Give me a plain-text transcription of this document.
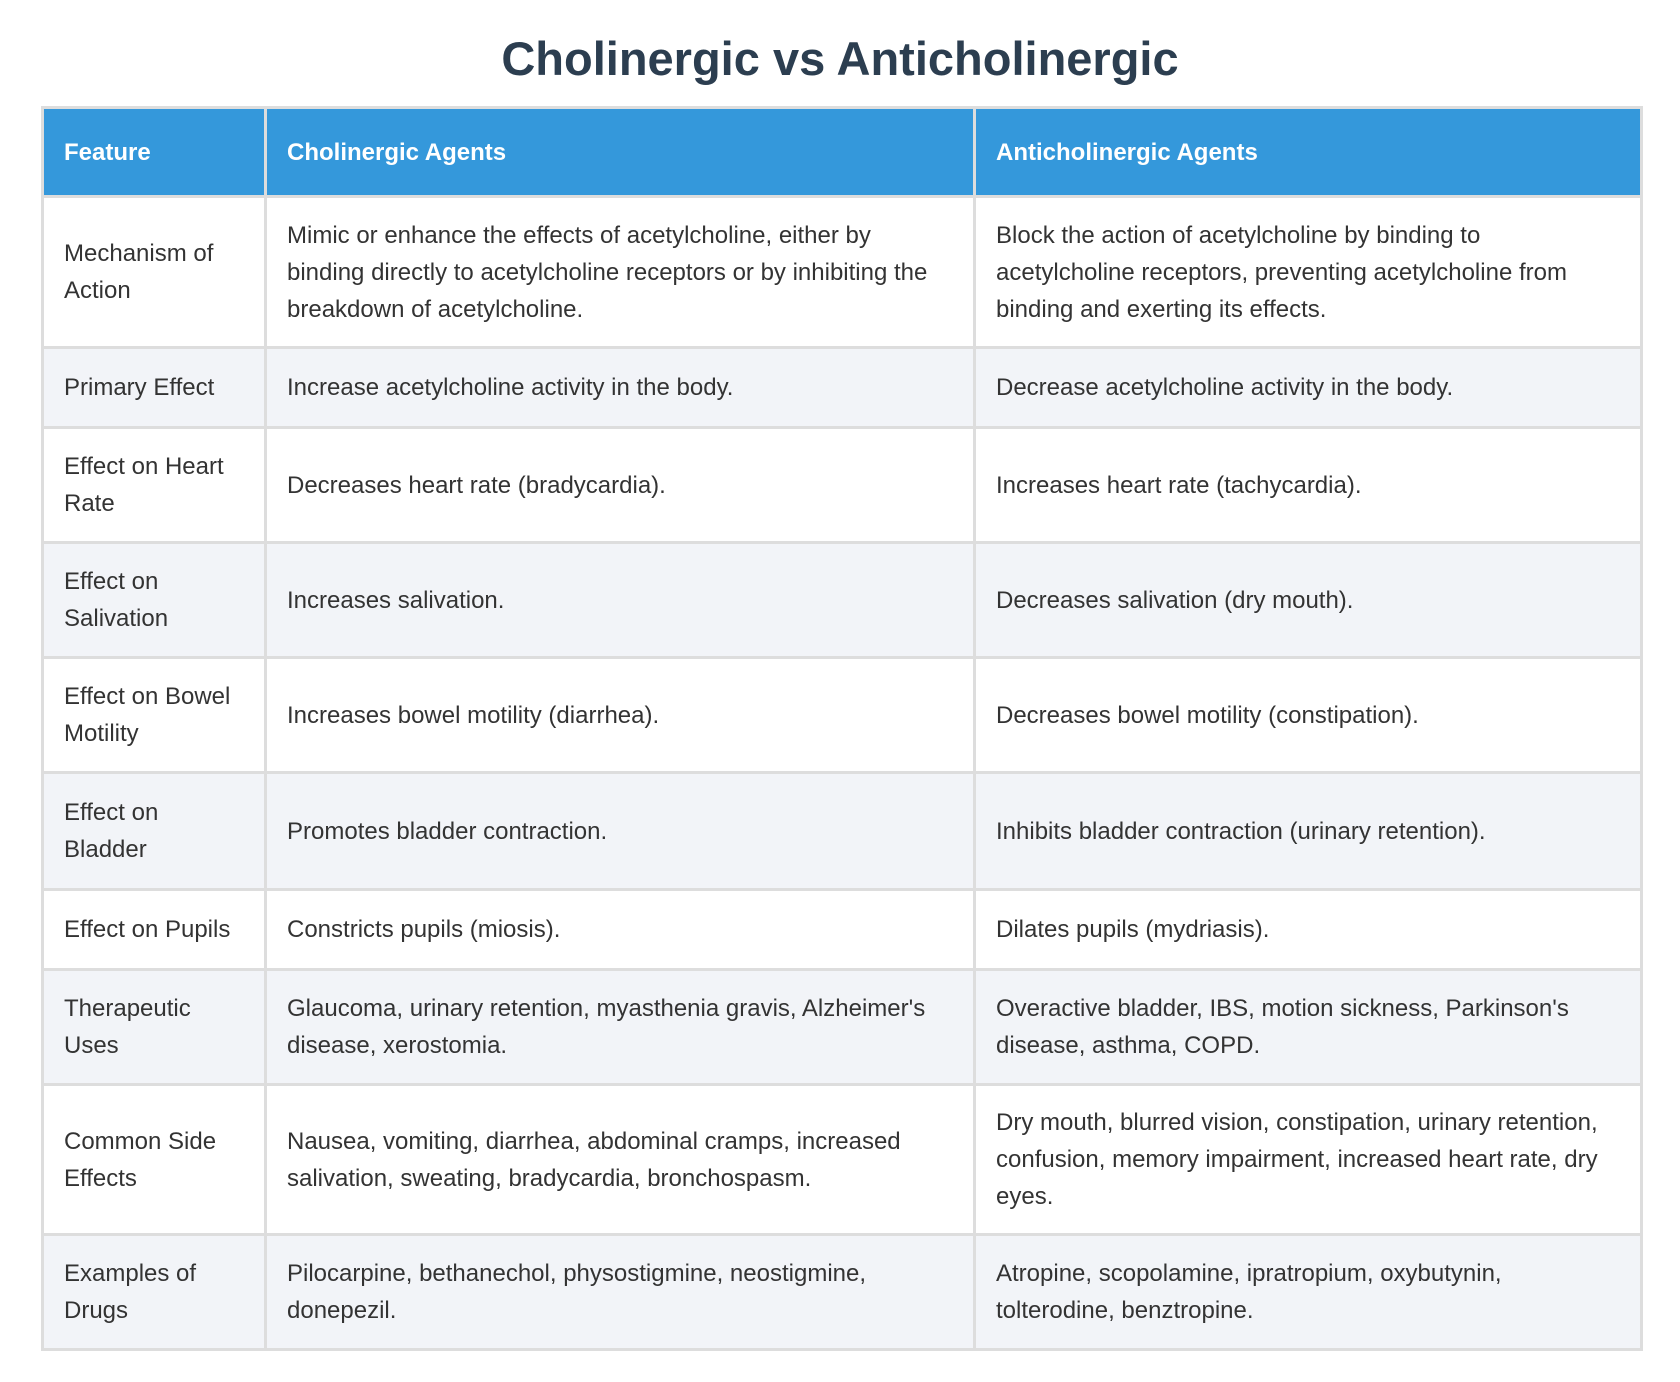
Cholinergic vs Anticholinergic
Feature	Cholinergic Agents	Anticholinergic Agents
Mechanism of Action	Mimic or enhance the effects of acetylcholine, either by binding directly to acetylcholine receptors or by inhibiting the breakdown of acetylcholine.	Block the action of acetylcholine by binding to acetylcholine receptors, preventing acetylcholine from binding and exerting its effects.
Primary Effect	Increase acetylcholine activity in the body.	Decrease acetylcholine activity in the body.
Effect on Heart Rate	Decreases heart rate (bradycardia).	Increases heart rate (tachycardia).
Effect on Salivation	Increases salivation.	Decreases salivation (dry mouth).
Effect on Bowel Motility	Increases bowel motility (diarrhea).	Decreases bowel motility (constipation).
Effect on Bladder	Promotes bladder contraction.	Inhibits bladder contraction (urinary retention).
Effect on Pupils	Constricts pupils (miosis).	Dilates pupils (mydriasis).
Therapeutic Uses	Glaucoma, urinary retention, myasthenia gravis, Alzheimer's disease, xerostomia.	Overactive bladder, IBS, motion sickness, Parkinson's disease, asthma, COPD.
Common Side Effects	Nausea, vomiting, diarrhea, abdominal cramps, increased salivation, sweating, bradycardia, bronchospasm.	Dry mouth, blurred vision, constipation, urinary retention, confusion, memory impairment, increased heart rate, dry eyes.
Examples of Drugs	Pilocarpine, bethanechol, physostigmine, neostigmine, donepezil.	Atropine, scopolamine, ipratropium, oxybutynin, tolterodine, benztropine.
